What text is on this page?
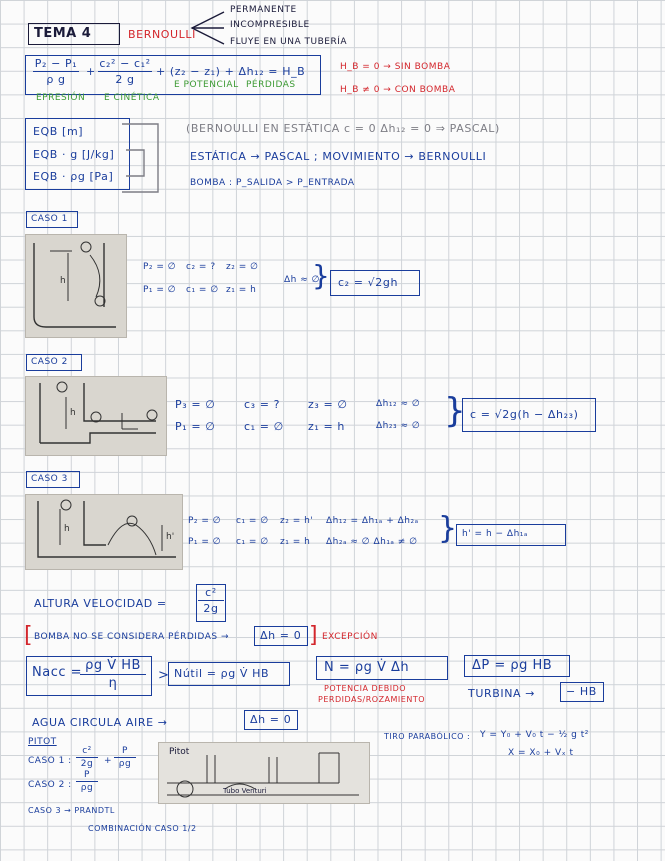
TEMA 4	BERNOULLI
PERMANENTE
INCOMPRESIBLE
FLUYE EN UNA TUBERÍA
P₂ − P₁
ρ g
+
c₂² − c₁²
2 g
+ (z₂ − z₁) + Δh₁₂ = H_B
EPRESIÓN E CINÉTICA
E POTENCIAL PÉRDIDAS
H_B = 0 → SIN BOMBA
H_B ≠ 0 → CON BOMBA
EQB [m]
EQB · g [J/kg]
EQB · ρg [Pa]
(BERNOULLI EN ESTÁTICA c = 0 Δh₁₂ = 0 ⇒ PASCAL)
ESTÁTICA → PASCAL ; MOVIMIENTO → BERNOULLI
BOMBA : P_SALIDA > P_ENTRADA
CASO 1
h
P₂ = ∅ c₂ = ? z₂ = ∅
P₁ = ∅ c₁ = ∅ z₁ = h
Δh ≈ ∅
} c₂ = √2gh
CASO 2
h
P₃ = ∅	c₃ = ?	z₃ = ∅	Δh₁₂ ≈ ∅
P₁ = ∅	c₁ = ∅ z₁ = h	Δh₂₃ ≈ ∅ } c = √2g(h − Δh₂₃)
CASO 3
h
h'
P₂ = ∅ c₁ = ∅ z₂ = h' Δh₁₂ = Δh₁ₐ + Δh₂ₐ
P₁ = ∅ c₁ = ∅ z₁ = h Δh₂ₐ ≈ ∅ Δh₁ₐ ≠ ∅ } h' = h − Δh₁ₐ
ALTURA VELOCIDAD =
c²
2g
[ BOMBA NO SE CONSIDERA PÉRDIDAS →	Δh = 0 ] EXCEPCIÓN
Nacc = ρg V̇ HB
η
> Nútil = ρg V̇ HB	N = ρg V̇ Δh
POTENCIA DEBIDO
PERDIDAS/ROZAMIENTO
ΔP = ρg HB
TURBINA →	− HB
AGUA CIRCULA AIRE →	Δh = 0
PITOT
CASO 1 :
c²
2g	+
P
ρg
CASO 2 :
P
ρg
CASO 3 → PRANDTL
COMBINACIÓN CASO 1/2
Pitot
Tubo Venturi
TIRO PARABÓLICO : Y = Y₀ + V₀ t − ½ g t²
X = X₀ + Vₓ t
